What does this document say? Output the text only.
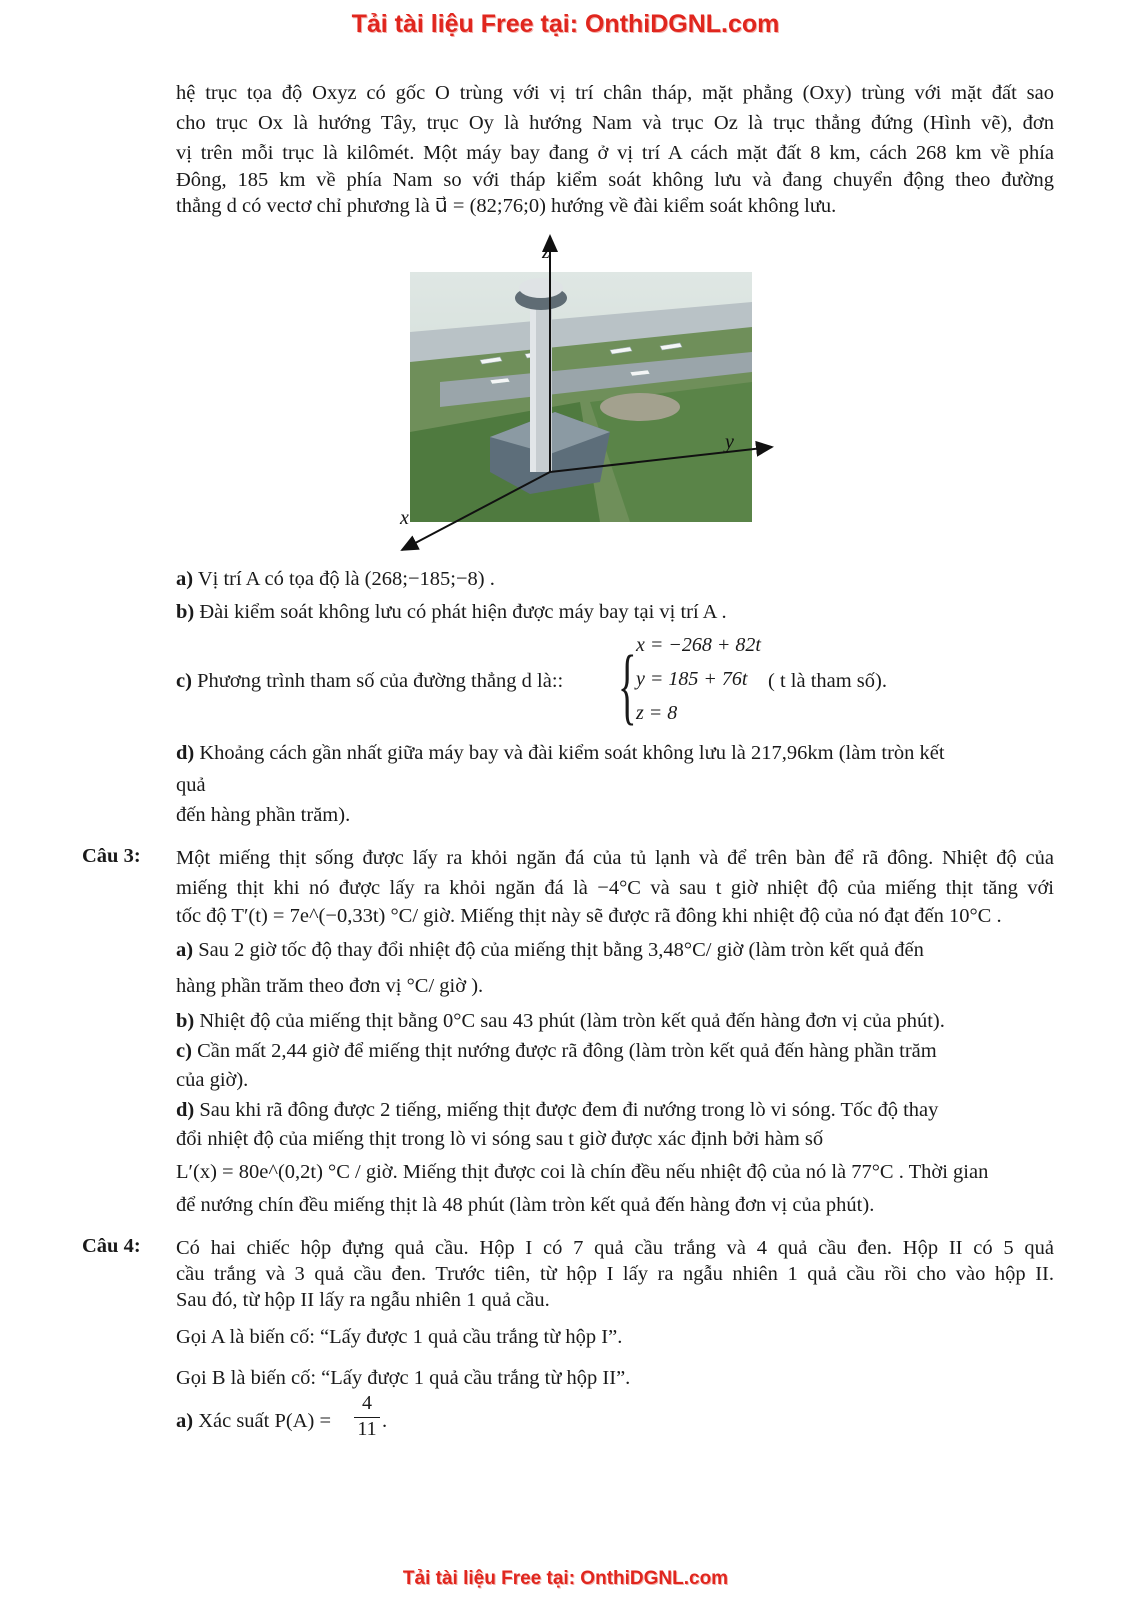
Tải tài liệu Free tại: OnthiDGNL.com
hệ trục tọa độ Oxyz có gốc O trùng với vị trí chân tháp, mặt phẳng (Oxy) trùng với mặt đất sao
cho trục Ox là hướng Tây, trục Oy là hướng Nam và trục Oz là trục thẳng đứng (Hình vẽ), đơn
vị trên mỗi trục là kilômét. Một máy bay đang ở vị trí A cách mặt đất 8 km, cách 268 km về phía
Đông, 185 km về phía Nam so với tháp kiểm soát không lưu và đang chuyển động theo đường
thẳng d có vectơ chỉ phương là u⃗ = (82;76;0) hướng về đài kiểm soát không lưu.
z
y
x
a) Vị trí A có tọa độ là (268;−185;−8) .
b) Đài kiểm soát không lưu có phát hiện được máy bay tại vị trí A .
c) Phương trình tham số của đường thẳng d là:: { x = −268 + 82t
y = 185 + 76t
z = 8
( t là tham số).
d) Khoảng cách gần nhất giữa máy bay và đài kiểm soát không lưu là 217,96km (làm tròn kết
quả
đến hàng phần trăm).
Câu 3: Một miếng thịt sống được lấy ra khỏi ngăn đá của tủ lạnh và để trên bàn để rã đông. Nhiệt độ của
miếng thịt khi nó được lấy ra khỏi ngăn đá là −4°C và sau t giờ nhiệt độ của miếng thịt tăng với
tốc độ T′(t) = 7e^(−0,33t) °C/ giờ. Miếng thịt này sẽ được rã đông khi nhiệt độ của nó đạt đến 10°C .
a) Sau 2 giờ tốc độ thay đổi nhiệt độ của miếng thịt bằng 3,48°C/ giờ (làm tròn kết quả đến
hàng phần trăm theo đơn vị °C/ giờ ).
b) Nhiệt độ của miếng thịt bằng 0°C sau 43 phút (làm tròn kết quả đến hàng đơn vị của phút).
c) Cần mất 2,44 giờ để miếng thịt nướng được rã đông (làm tròn kết quả đến hàng phần trăm
của giờ).
d) Sau khi rã đông được 2 tiếng, miếng thịt được đem đi nướng trong lò vi sóng. Tốc độ thay
đổi nhiệt độ của miếng thịt trong lò vi sóng sau t giờ được xác định bởi hàm số
L′(x) = 80e^(0,2t) °C / giờ. Miếng thịt được coi là chín đều nếu nhiệt độ của nó là 77°C . Thời gian
để nướng chín đều miếng thịt là 48 phút (làm tròn kết quả đến hàng đơn vị của phút).
Câu 4: Có hai chiếc hộp đựng quả cầu. Hộp I có 7 quả cầu trắng và 4 quả cầu đen. Hộp II có 5 quả
cầu trắng và 3 quả cầu đen. Trước tiên, từ hộp I lấy ra ngẫu nhiên 1 quả cầu rồi cho vào hộp II.
Sau đó, từ hộp II lấy ra ngẫu nhiên 1 quả cầu.
Gọi A là biến cố: “Lấy được 1 quả cầu trắng từ hộp I”.
Gọi B là biến cố: “Lấy được 1 quả cầu trắng từ hộp II”.
a) Xác suất $P(A) = \frac{4}{11}$ .
Tải tài liệu Free tại: OnthiDGNL.com
